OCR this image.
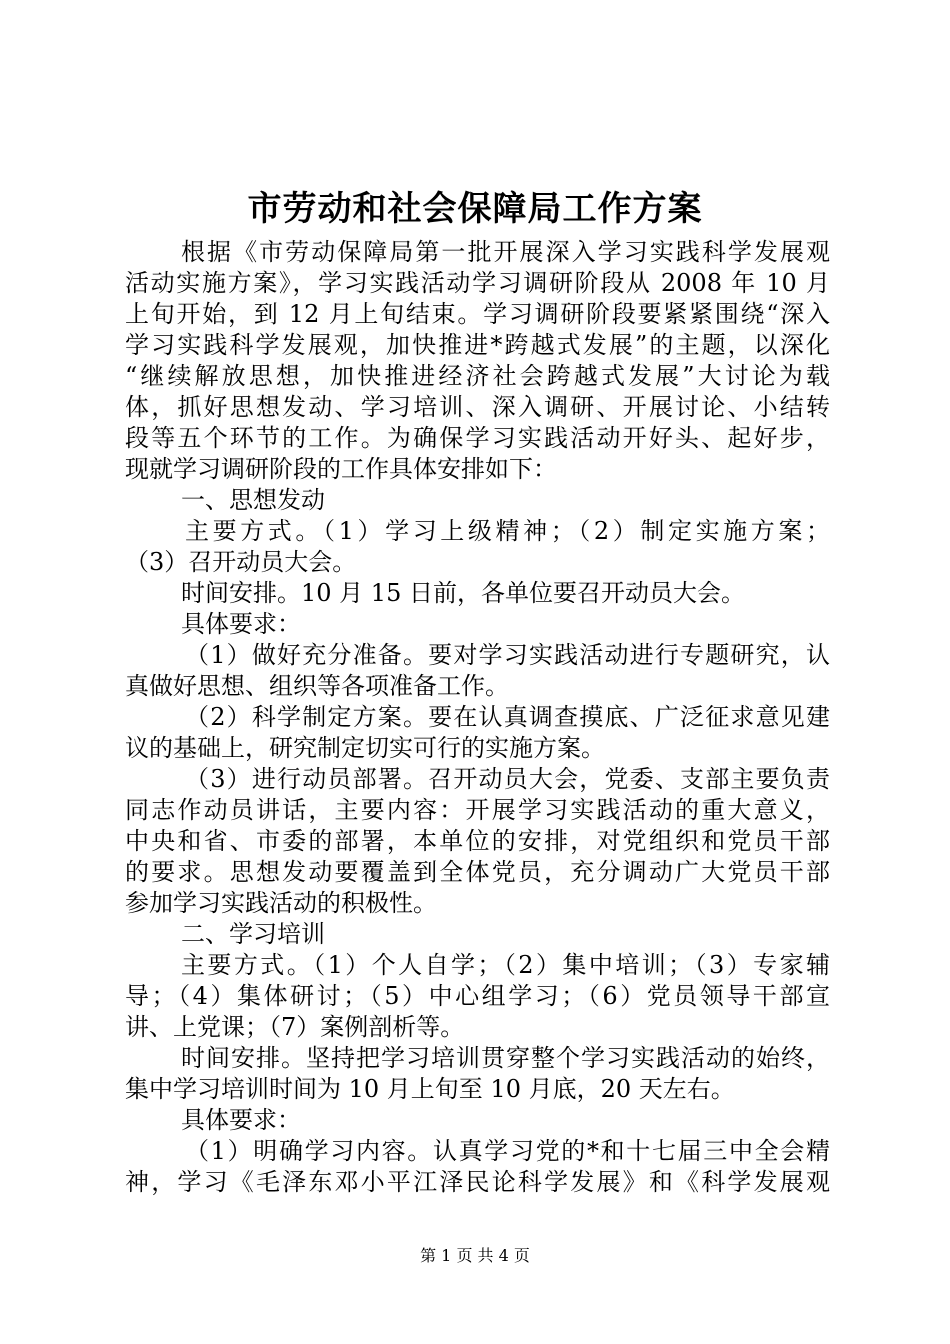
市劳动和社会保障局工作方案
根据《市劳动保障局第一批开展深入学习实践科学发展观
活动实施方案》，学习实践活动学习调研阶段从 2008 年 10 月
上旬开始，到 12 月上旬结束。学习调研阶段要紧紧围绕“深入
学习实践科学发展观，加快推进*跨越式发展”的主题，以深化
“继续解放思想，加快推进经济社会跨越式发展”大讨论为载
体，抓好思想发动、学习培训、深入调研、开展讨论、小结转
段等五个环节的工作。为确保学习实践活动开好头、起好步，
现就学习调研阶段的工作具体安排如下：
一、思想发动
主要方式。（1）学习上级精神；（2）制定实施方案；
（3）召开动员大会。
时间安排。10 月 15 日前，各单位要召开动员大会。
具体要求：
（1）做好充分准备。要对学习实践活动进行专题研究，认
真做好思想、组织等各项准备工作。
（2）科学制定方案。要在认真调查摸底、广泛征求意见建
议的基础上，研究制定切实可行的实施方案。
（3）进行动员部署。召开动员大会，党委、支部主要负责
同志作动员讲话，主要内容：开展学习实践活动的重大意义，
中央和省、市委的部署，本单位的安排，对党组织和党员干部
的要求。思想发动要覆盖到全体党员，充分调动广大党员干部
参加学习实践活动的积极性。
二、学习培训
主要方式。（1）个人自学；（2）集中培训；（3）专家辅
导；（4）集体研讨；（5）中心组学习；（6）党员领导干部宣
讲、上党课；（7）案例剖析等。
时间安排。坚持把学习培训贯穿整个学习实践活动的始终，
集中学习培训时间为 10 月上旬至 10 月底，20 天左右。
具体要求：
（1）明确学习内容。认真学习党的*和十七届三中全会精
神，学习《毛泽东邓小平江泽民论科学发展》和《科学发展观
第 1 页 共 4 页
